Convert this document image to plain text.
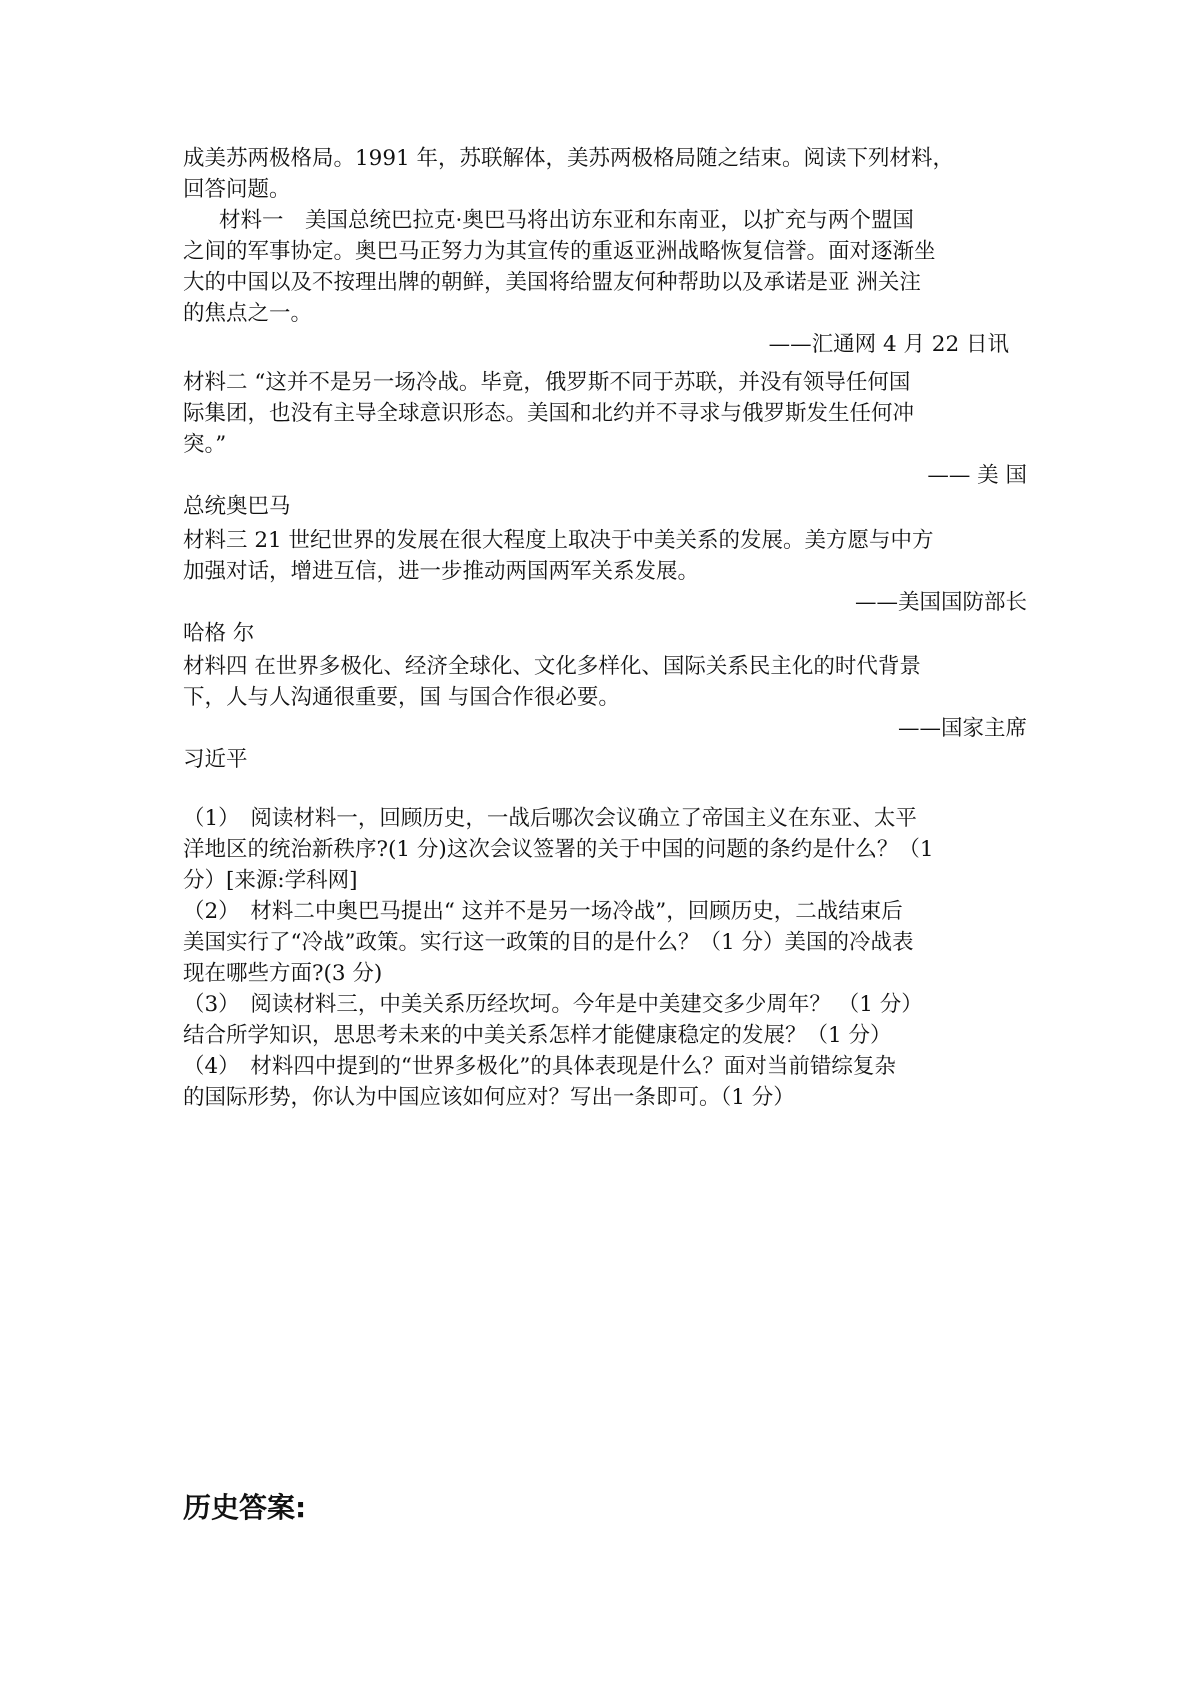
成美苏两极格局。1991 年，苏联解体，美苏两极格局随之结束。阅读下列材料，
回答问题。
材料一　美国总统巴拉克·奥巴马将出访东亚和东南亚，以扩充与两个盟国
之间的军事协定。奥巴马正努力为其宣传的重返亚洲战略恢复信誉。面对逐渐坐
大的中国以及不按理出牌的朝鲜，美国将给盟友何种帮助以及承诺是亚 洲关注
的焦点之一。
——汇通网 4 月 22 日讯
材料二 “这并不是另一场冷战。毕竟，俄罗斯不同于苏联，并没有领导任何国
际集团，也没有主导全球意识形态。美国和北约并不寻求与俄罗斯发生任何冲
突。”
—— 美 国
总统奥巴马
材料三 21 世纪世界的发展在很大程度上取决于中美关系的发展。美方愿与中方
加强对话，增进互信，进一步推动两国两军关系发展。
——美国国防部长
哈格 尔
材料四 在世界多极化、经济全球化、文化多样化、国际关系民主化的时代背景
下，人与人沟通很重要，国 与国合作很必要。
——国家主席
习近平
（1）　阅读材料一，回顾历史，一战后哪次会议确立了帝国主义在东亚、太平
洋地区的统治新秩序?(1 分)这次会议签署的关于中国的问题的条约是什么？（1
分）[来源:学科网]
（2）　材料二中奥巴马提出“ 这并不是另一场冷战”，回顾历史，二战结束后
美国实行了“冷战”政策。实行这一政策的目的是什么？（1 分）美国的冷战表
现在哪些方面?(3 分)
（3）　阅读材料三，中美关系历经坎坷。今年是中美建交多少周年？ （1 分）
结合所学知识，思思考未来的中美关系怎样才能健康稳定的发展？（1 分）
（4）　材料四中提到的“世界多极化”的具体表现是什么？面对当前错综复杂
的国际形势，你认为中国应该如何应对？写出一条即可。（1 分）
历史答案:
